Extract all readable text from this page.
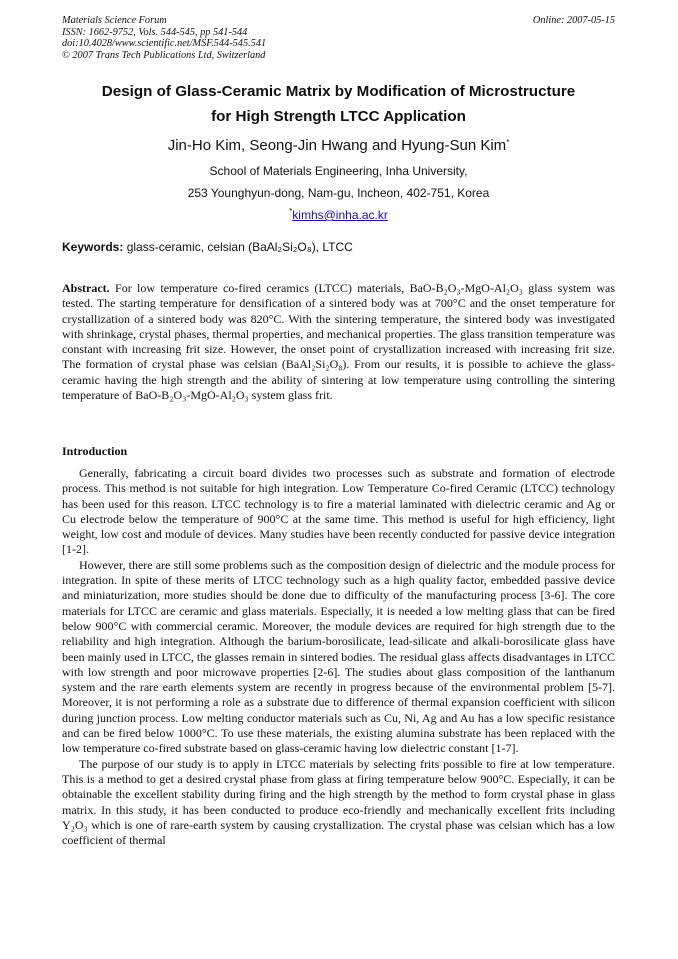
Materials Science Forum
ISSN: 1662-9752, Vols. 544-545, pp 541-544
doi:10.4028/www.scientific.net/MSF.544-545.541
© 2007 Trans Tech Publications Ltd, Switzerland
Online: 2007-05-15
Design of Glass-Ceramic Matrix by Modification of Microstructure
for High Strength LTCC Application
Jin-Ho Kim, Seong-Jin Hwang and Hyung-Sun Kim*
School of Materials Engineering, Inha University,
253 Younghyun-dong, Nam-gu, Incheon, 402-751, Korea
*kimhs@inha.ac.kr
Keywords: glass-ceramic, celsian (BaAl₂Si₂O₈), LTCC

Abstract. For low temperature co-fired ceramics (LTCC) materials, BaO-B₂O₃-MgO-Al₂O₃ glass system was tested. The starting temperature for densification of a sintered body was at 700°C and the onset temperature for crystallization of a sintered body was 820°C. With the sintering temperature, the sintered body was investigated with shrinkage, crystal phases, thermal properties, and mechanical properties. The glass transition temperature was constant with increasing frit size. However, the onset point of crystallization increased with increasing frit size. The formation of crystal phase was celsian (BaAl₂Si₂O₈). From our results, it is possible to achieve the glass-ceramic having the high strength and the ability of sintering at low temperature using controlling the sintering temperature of BaO-B₂O₃-MgO-Al₂O₃ system glass frit.

Introduction

Generally, fabricating a circuit board divides two processes such as substrate and formation of electrode process. This method is not suitable for high integration. Low Temperature Co-fired Ceramic (LTCC) technology has been used for this reason. LTCC technology is to fire a material laminated with dielectric ceramic and Ag or Cu electrode below the temperature of 900°C at the same time. This method is useful for high efficiency, light weight, low cost and module of devices. Many studies have been recently conducted for passive device integration [1-2].

However, there are still some problems such as the composition design of dielectric and the module process for integration. In spite of these merits of LTCC technology such as a high quality factor, embedded passive device and miniaturization, more studies should be done due to difficulty of the manufacturing process [3-6]. The core materials for LTCC are ceramic and glass materials. Especially, it is needed a low melting glass that can be fired below 900°C with commercial ceramic. Moreover, the module devices are required for high strength due to the reliability and high integration. Although the barium-borosilicate, lead-silicate and alkali-borosilicate glass have been mainly used in LTCC, the glasses remain in sintered bodies. The residual glass affects disadvantages in LTCC with low strength and poor microwave properties [2-6]. The studies about glass composition of the lanthanum system and the rare earth elements system are recently in progress because of the environmental problem [5-7]. Moreover, it is not performing a role as a substrate due to difference of thermal expansion coefficient with silicon during junction process. Low melting conductor materials such as Cu, Ni, Ag and Au has a low specific resistance and can be fired below 1000°C. To use these materials, the existing alumina substrate has been replaced with the low temperature co-fired substrate based on glass-ceramic having low dielectric constant [1-7].

The purpose of our study is to apply in LTCC materials by selecting frits possible to fire at low temperature. This is a method to get a desired crystal phase from glass at firing temperature below 900°C. Especially, it can be obtainable the excellent stability during firing and the high strength by the method to form crystal phase in glass matrix. In this study, it has been conducted to produce eco-friendly and mechanically excellent frits including Y₂O₃ which is one of rare-earth system by causing crystallization. The crystal phase was celsian which has a low coefficient of thermal
